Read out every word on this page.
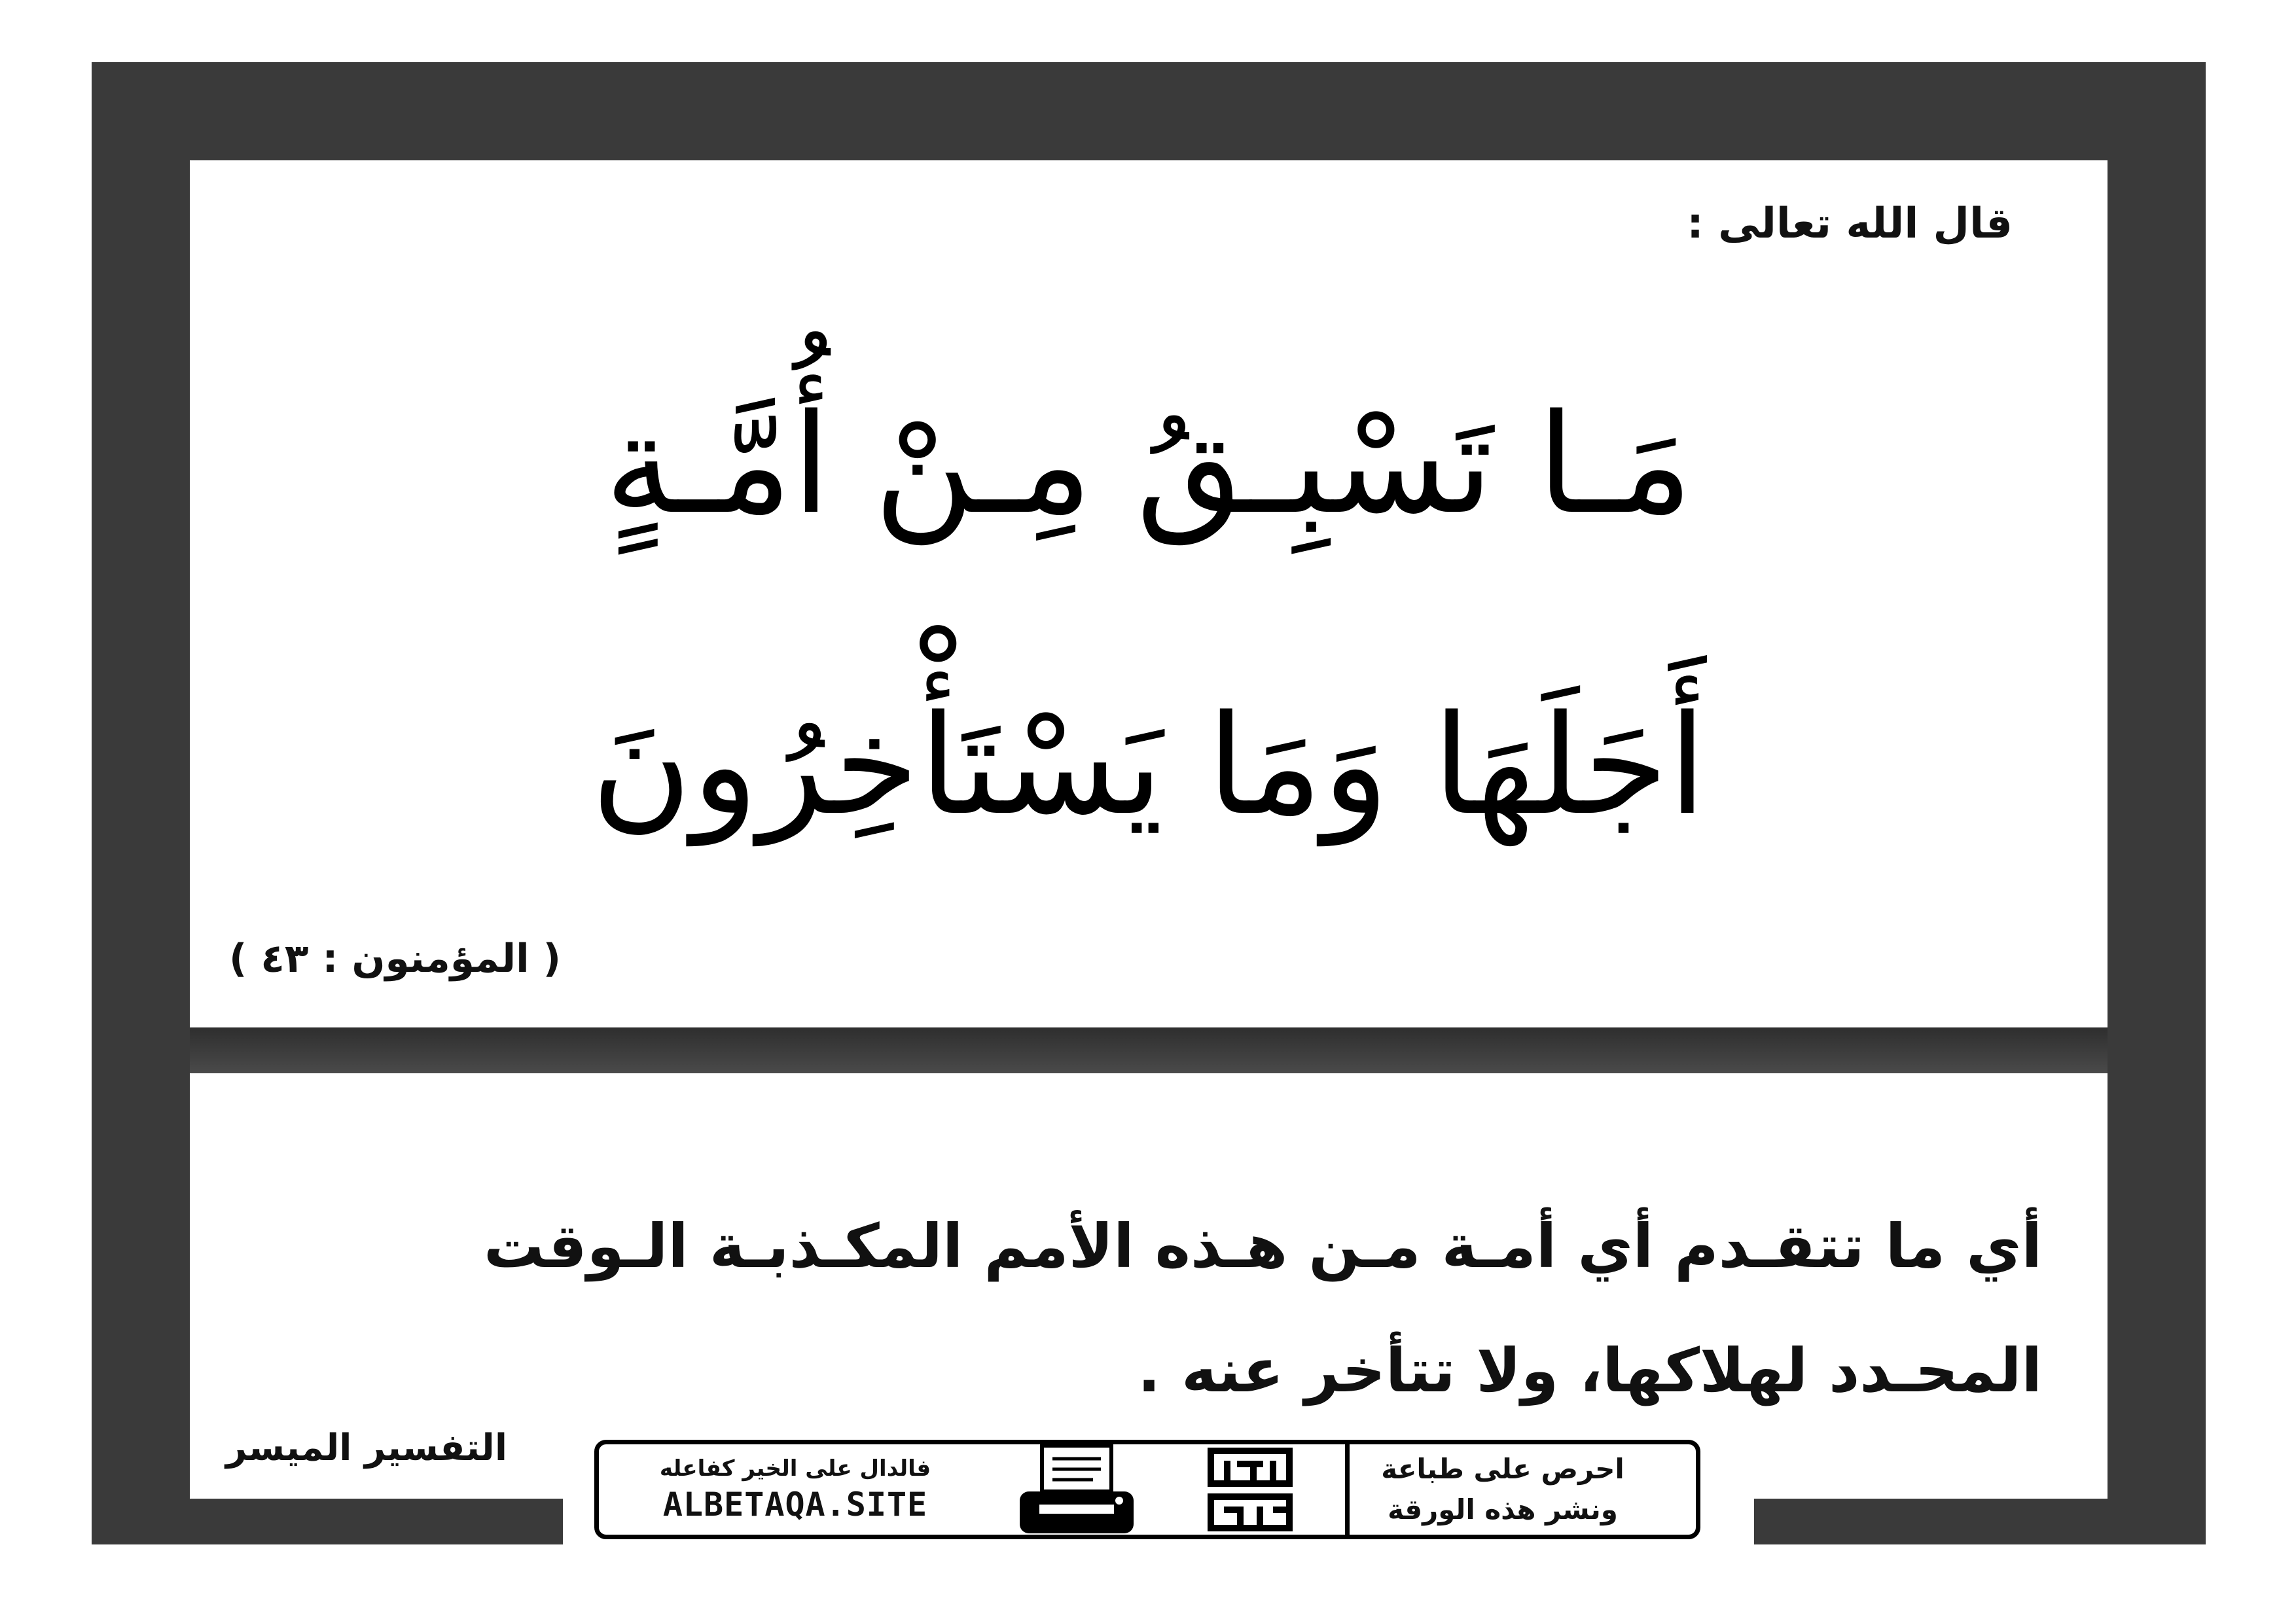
قال الله تعالى :
مَـا تَسْبِـقُ مِـنْ أُمَّـةٍ
أَجَلَهَا وَمَا يَسْتَأْخِرُونَ
( المؤمنون : ٤٣ )
أي ما تتقـدم أي أمـة مـن هـذه الأمم المكـذبـة الـوقت
المحـدد لهلاكها، ولا تتأخر عنه .
التفسير الميسر	فالدال على الخير كفاعله
ALBETAQA.SITE
احرص على طباعة
ونشر هذه الورقة
